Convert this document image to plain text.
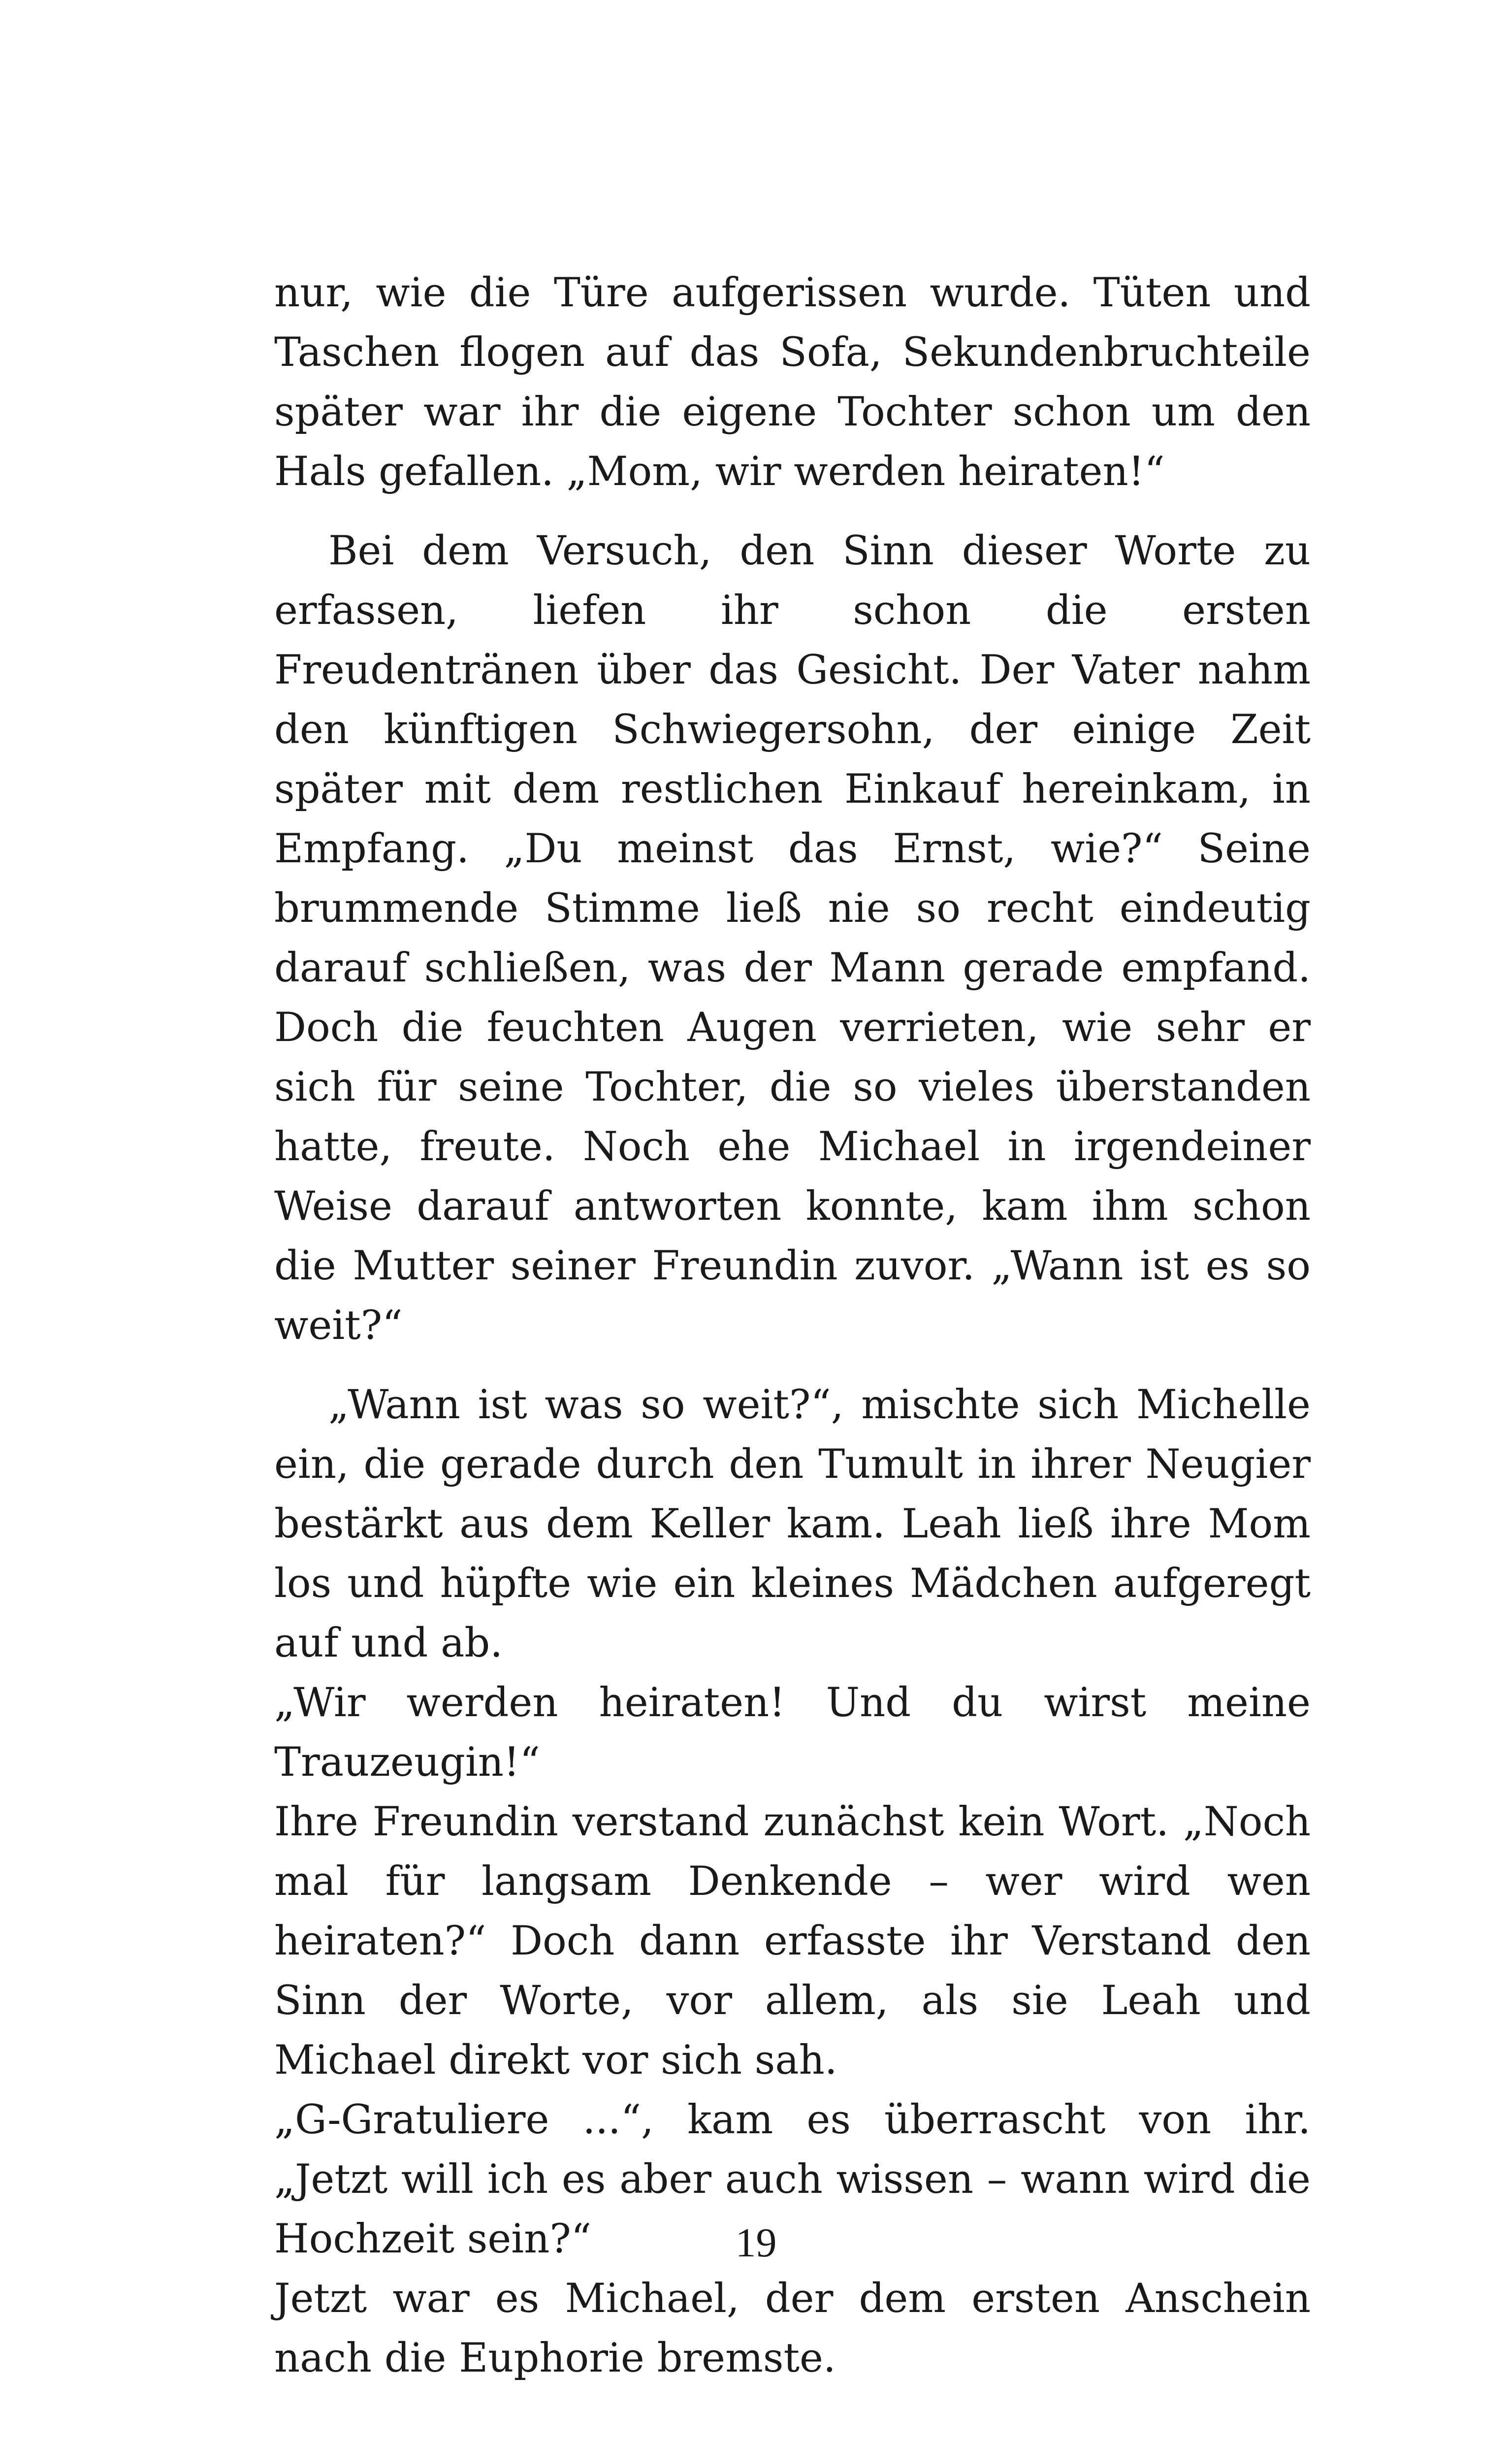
nur, wie die Türe aufgerissen wurde. Tüten und Taschen flogen auf das Sofa, Sekundenbruchteile später war ihr die eigene Tochter schon um den Hals gefallen. „Mom, wir werden heiraten!“

Bei dem Versuch, den Sinn dieser Worte zu erfassen, liefen ihr schon die ersten Freudentränen über das Gesicht. Der Vater nahm den künftigen Schwiegersohn, der einige Zeit später mit dem restlichen Einkauf hereinkam, in Empfang. „Du meinst das Ernst, wie?“ Seine brummende Stimme ließ nie so recht eindeutig darauf schließen, was der Mann gerade empfand. Doch die feuchten Augen verrieten, wie sehr er sich für seine Tochter, die so vieles überstanden hatte, freute. Noch ehe Michael in irgendeiner Weise darauf antworten konnte, kam ihm schon die Mutter seiner Freundin zuvor. „Wann ist es so weit?“

„Wann ist was so weit?“, mischte sich Michelle ein, die gerade durch den Tumult in ihrer Neugier bestärkt aus dem Keller kam. Leah ließ ihre Mom los und hüpfte wie ein kleines Mädchen aufgeregt auf und ab.

„Wir werden heiraten! Und du wirst meine Trauzeugin!“

Ihre Freundin verstand zunächst kein Wort. „Noch mal für langsam Denkende – wer wird wen heiraten?“ Doch dann erfasste ihr Verstand den Sinn der Worte, vor allem, als sie Leah und Michael direkt vor sich sah.

„G-Gratuliere ...“, kam es überrascht von ihr. „Jetzt will ich es aber auch wissen – wann wird die Hochzeit sein?“

Jetzt war es Michael, der dem ersten Anschein nach die Euphorie bremste.

19
